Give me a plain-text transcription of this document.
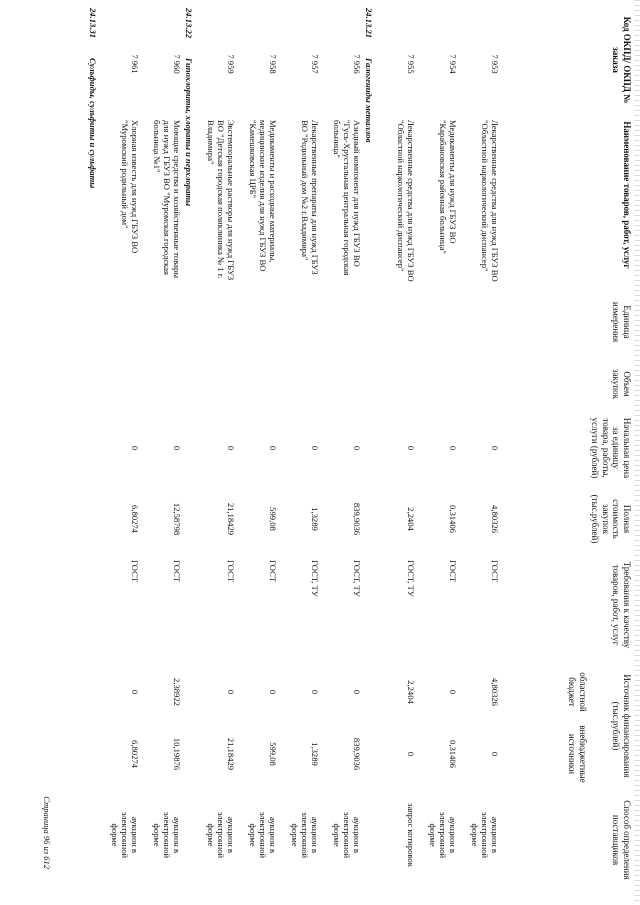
Код ОКПД/ ОКПД № заказа
Наименование товаров, работ, услуг
Единица измерения
Объем закупок
Начальная цена за единицу товара, работы, услуги (рублей)
Полная стоимость закупок (тыс.рублей)
Требования к качеству товаров, работ, услуг
Источник финансирования (тыс.рублей)
областной бюджет
внебюджетные источники
Способ определения поставщиков
7 953
Лекарственные средства для нужд ГБУЗ ВО "Областной наркологический диспансер"
0
4,80326
ГОСТ
4,80326
0
аукцион в электронной форме
7 954
Медикаменты для нужд ГБУЗ ВО "Карабановская районная больница"
0
0,31406
ГОСТ
0
0,31406
аукцион в электронной форме
7 955
Лекарственные средства для нужд ГБУЗ ВО "Областной наркологический диспансер"
0
2,2404
ГОСТ, ТУ
2,2404
0
запрос котировок
24.13.21
Галогениды металлов
7 956
Азидный компонент для нужд ГБУЗ ВО "Гусь-Хрустальная центральная городская больница"
0
839,9036
ГОСТ, ТУ
0
839,9036
аукцион в электронной форме
7 957
Лекарственные препараты для нужд ГБУЗ ВО "Родильный дом №2 г.Владимира"
0
1,3289
ГОСТ, ТУ
0
1,3289
аукцион в электронной форме
7 958
Медикаменты и расходные материалы, медицинские изделия для нужд ГБУЗ ВО "Камешковская ЦРБ"
0
599,08
ГОСТ
0
599,08
аукцион в электронной форме
7 959
Экстемпоральные растворы для нужд ГБУЗ ВО "Детская городская поликлиника № 1 г. Владимира"
0
21,18429
ГОСТ
0
21,18429
аукцион в электронной форме
24.13.22
Гипохлориты, хлораты и перхлораты
7 960
Моющие средства и хозяйственные товары для нужд ГБУЗ ВО "Муромская городская больница №1"
0
12,58798
ГОСТ
2,38922
10,19876
аукцион в электронной форме
7 961
Хлорная известь для нужд ГБУЗ ВО "Муромский родильный дом"
0
6,80274
ГОСТ
0
6,80274
аукцион в электронной форме
24.13.31
Сульфиды, сульфиты и сульфаты
Страница 96 из 612
